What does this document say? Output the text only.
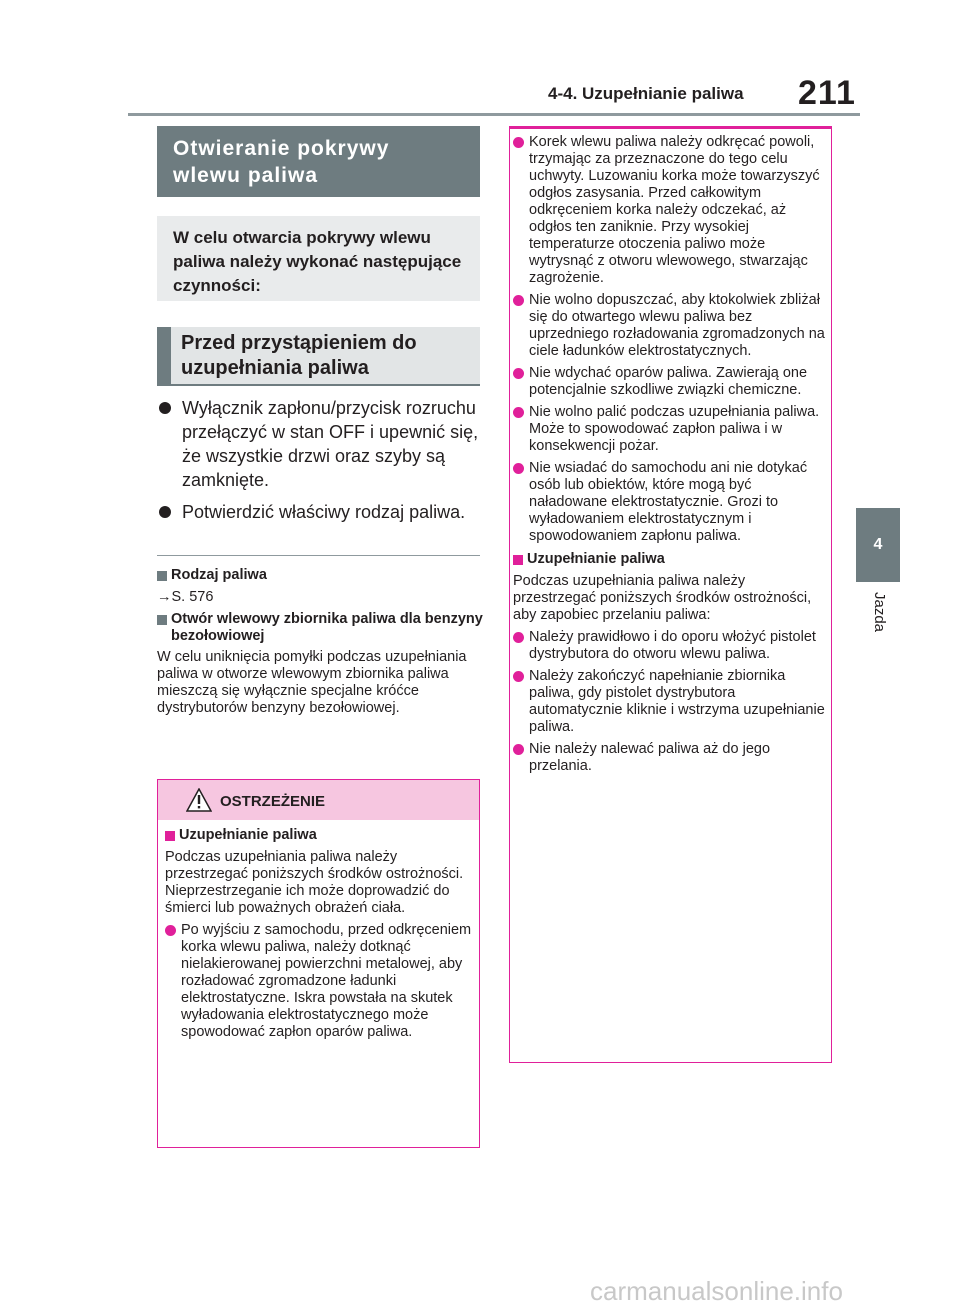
4-4. Uzupełnianie paliwa 211
4
Jazda
Otwieranie pokrywy wlewu paliwa
W celu otwarcia pokrywy wlewu paliwa należy wykonać następujące czynności:
Przed przystąpieniem do uzupełniania paliwa
Wyłącznik zapłonu/przycisk rozruchu przełączyć w stan OFF i upewnić się, że wszystkie drzwi oraz szyby są zamknięte.
Potwierdzić właściwy rodzaj paliwa.
Rodzaj paliwa
→S. 576
Otwór wlewowy zbiornika paliwa dla benzyny bezołowiowej
W celu uniknięcia pomyłki podczas uzupełniania paliwa w otworze wlewowym zbiornika paliwa mieszczą się wyłącznie specjalne króćce dystrybutorów benzyny bezołowiowej.
OSTRZEŻENIE
Uzupełnianie paliwa
Podczas uzupełniania paliwa należy przestrzegać poniższych środków ostrożności. Nieprzestrzeganie ich może doprowadzić do śmierci lub poważnych obrażeń ciała.
Po wyjściu z samochodu, przed odkręceniem korka wlewu paliwa, należy dotknąć nielakierowanej powierzchni metalowej, aby rozładować zgromadzone ładunki elektrostatyczne. Iskra powstała na skutek wyładowania elektrostatycznego może spowodować zapłon oparów paliwa.
Korek wlewu paliwa należy odkręcać powoli, trzymając za przeznaczone do tego celu uchwyty. Luzowaniu korka może towarzyszyć odgłos zasysania. Przed całkowitym odkręceniem korka należy odczekać, aż odgłos ten zaniknie. Przy wysokiej temperaturze otoczenia paliwo może wytrysnąć z otworu wlewowego, stwarzając zagrożenie.
Nie wolno dopuszczać, aby ktokolwiek zbliżał się do otwartego wlewu paliwa bez uprzedniego rozładowania zgromadzonych na ciele ładunków elektrostatycznych.
Nie wdychać oparów paliwa. Zawierają one potencjalnie szkodliwe związki chemiczne.
Nie wolno palić podczas uzupełniania paliwa. Może to spowodować zapłon paliwa i w konsekwencji pożar.
Nie wsiadać do samochodu ani nie dotykać osób lub obiektów, które mogą być naładowane elektrostatycznie. Grozi to wyładowaniem elektrostatycznym i spowodowaniem zapłonu paliwa.
Uzupełnianie paliwa
Podczas uzupełniania paliwa należy przestrzegać poniższych środków ostrożności, aby zapobiec przelaniu paliwa:
Należy prawidłowo i do oporu włożyć pistolet dystrybutora do otworu wlewu paliwa.
Należy zakończyć napełnianie zbiornika paliwa, gdy pistolet dystrybutora automatycznie kliknie i wstrzyma uzupełnianie paliwa.
Nie należy nalewać paliwa aż do jego przelania.
carmanualsonline.info
